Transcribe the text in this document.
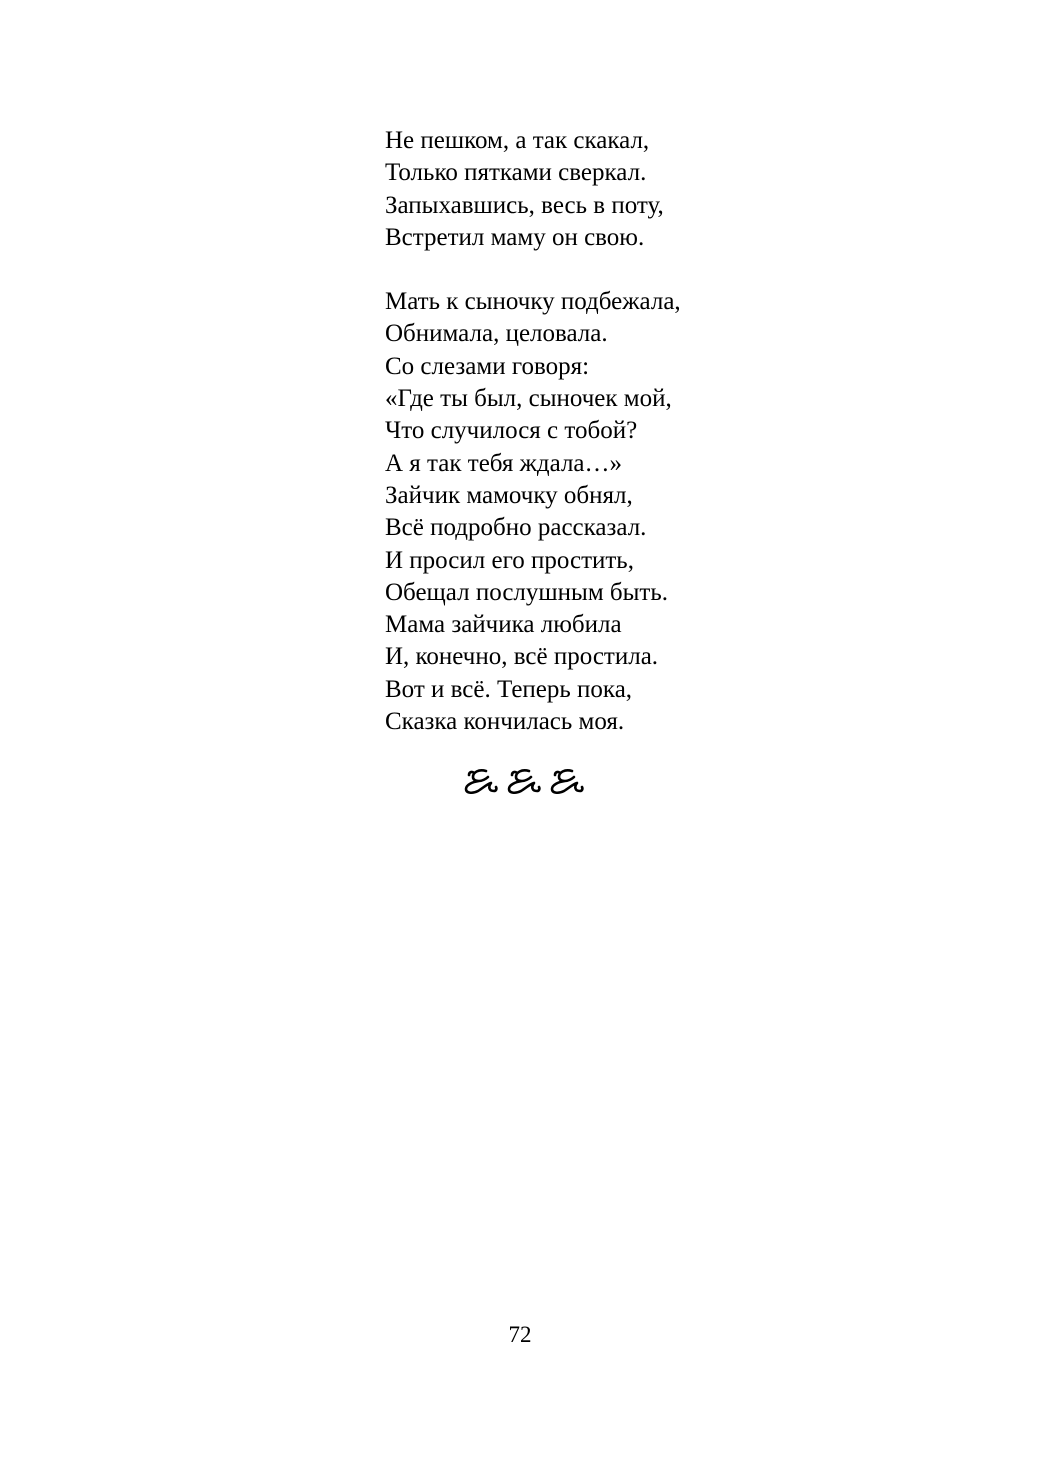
Не пешком, а так скакал,
Только пятками сверкал.
Запыхавшись, весь в поту,
Встретил маму он свою.
Мать к сыночку подбежала,
Обнимала, целовала.
Со слезами говоря:
«Где ты был, сыночек мой,
Что случилося с тобой?
А я так тебя ждала…»
Зайчик мамочку обнял,
Всё подробно рассказал.
И просил его простить,
Обещал послушным быть.
Мама зайчика любила
И, конечно, всё простила.
Вот и всё. Теперь пока,
Сказка кончилась моя.
72
